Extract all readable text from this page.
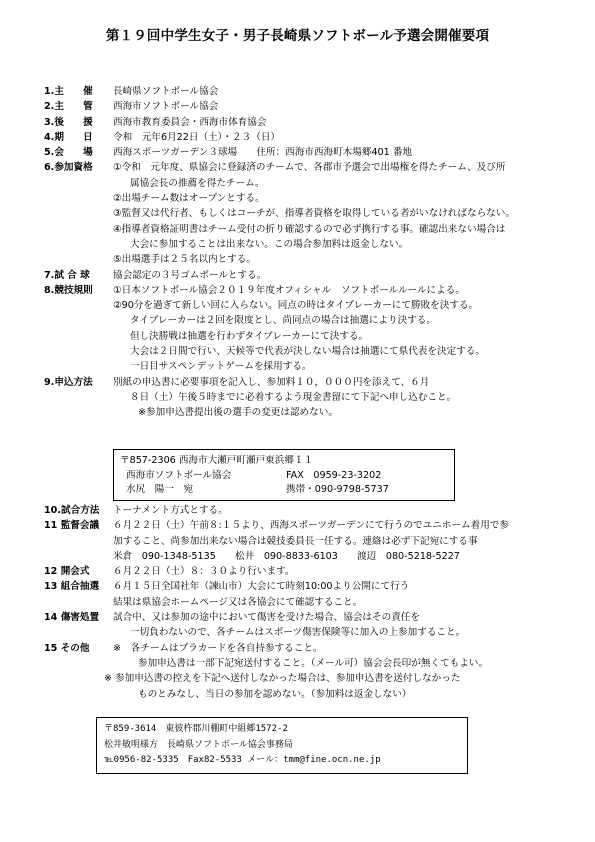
第１９回中学生女子・男子長崎県ソフトボール予選会開催要項
1.主　　催	長崎県ソフトボール協会
2.主　　管	西海市ソフトボール協会
3.後　　援	西海市教育委員会・西海市体育協会
4.期　　日	令和　元年6月22日（土）・２３（日）
5.会　　場	西海スポーツガーデン３球場　　住所：西海市西海町木場郷401 番地
6.参加資格	①令和　元年度、県協会に登録済のチームで、各郡市予選会で出場権を得たチーム、及び所
属協会長の推薦を得たチーム。
②出場チーム数はオープンとする。
③監督又は代行者、もしくはコーチが、指導者資格を取得している者がいなければならない。
④指導者資格証明書はチーム受付の折り確認するので必ず携行する事。確認出来ない場合は
大会に参加することは出来ない。この場合参加料は返金しない。
⑤出場選手は２５名以内とする。
7.試 合 球	協会認定の３号ゴムボールとする。
8.競技規則	①日本ソフトボール協会２０１９年度オフィシャル　ソフトボールルールによる。
②90分を過ぎて新しい回に入らない。同点の時はタイブレーカーにて勝敗を決する。
タイブレーカーは２回を限度とし、尚同点の場合は抽選により決する。
但し決勝戦は抽選を行わずタイブレーカーにて決する。
大会は２日間で行い、天候等で代表が決しない場合は抽選にて県代表を決定する。
一日目サスペンデットゲームを採用する。
9.申込方法	別紙の申込書に必要事項を記入し、参加料１０，０００円を添えて、６月
８日（土）午後５時までに必着するよう現金書留にて下記へ申し込むこと。
※参加申込書提出後の選手の変更は認めない。
〒857-2306 西海市大瀬戸町瀬戸東浜郷１１
西海市ソフトボール協会	FAX　0959-23-3202
水尻　陽一　宛	携帯・090-9798-5737
10.試合方法	トーナメント方式とする。
11 監督会議	６月２２日（土）午前８:１５より、西海スポーツガーデンにて行うのでユニホーム着用で参
加すること、尚参加出来ない場合は競技委員長一任する。連絡は必ず下記宛にする事
米倉　090-1348-5135　　松井　090-8833-6103　　渡辺　080-5218-5227
12 開会式	６月２２日（土）８：３０より行います。
13 組合抽選	６月１５日全国社年（諫山市）大会にて時刻10:00より公開にて行う
結果は県協会ホームページ又は各協会にて確認すること。
14 傷害処置	試合中、又は参加の途中において傷害を受けた場合、協会はその責任を
一切負わないので、各チームはスポーツ傷害保険等に加入の上参加すること。
15 その他	※　各チームはプラカードを各自持参すること。
参加申込書は一部下記宛送付すること。（メール可）協会会長印が無くてもよい。
※ 参加申込書の控えを下記へ送付しなかった場合は、参加申込書を送付しなかった
ものとみなし、当日の参加を認めない。（参加料は返金しない）
〒859-3614　東彼杵郡川棚町中組郷1572-2
松井敏明様方　長崎県ソフトボール協会事務局
℡0956-82-5335　Fax82-5533 メール：tmm@fine.ocn.ne.jp
